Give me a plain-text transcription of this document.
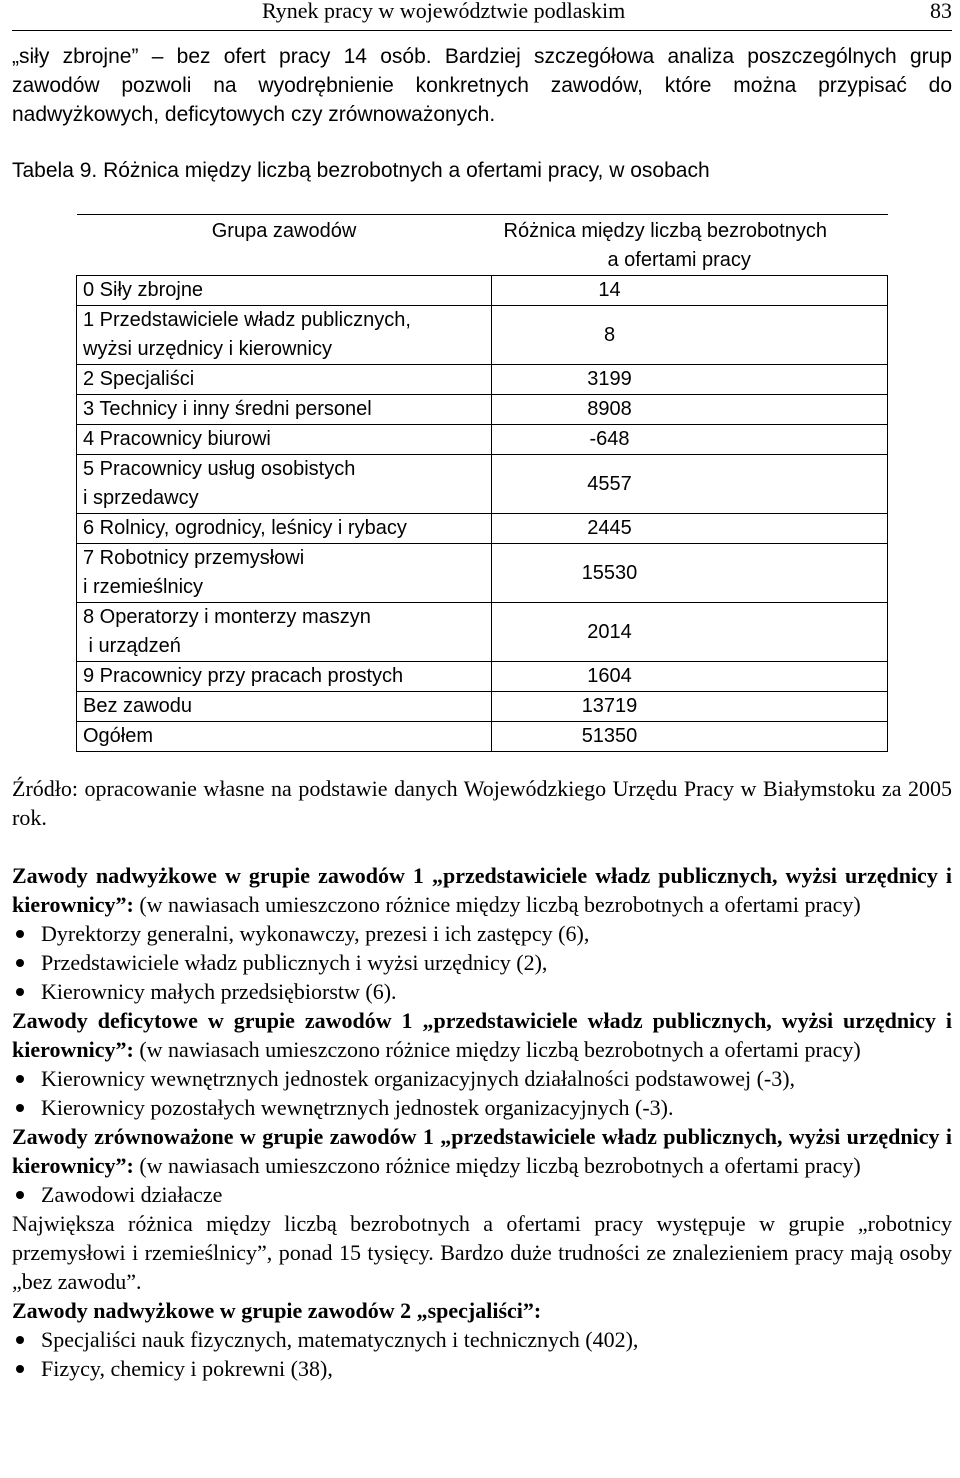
Rynek pracy w województwie podlaskim	83
„siły zbrojne” – bez ofert pracy 14 osób. Bardziej szczegółowa analiza poszczególnych grup zawodów pozwoli na wyodrębnienie konkretnych zawodów, które można przypisać do nadwyżkowych, deficytowych czy zrównoważonych.
Tabela 9. Różnica między liczbą bezrobotnych a ofertami pracy, w osobach
Grupa zawodów	Różnica między liczbą bezrobotnych
a ofertami pracy

0 Siły zbrojne	14

1 Przedstawiciele władz publicznych,
wyżsi urzędnicy i kierownicy	8
2 Specjaliści	3199
3 Technicy i inny średni personel	8908
4 Pracownicy biurowi	-648

5 Pracownicy usług osobistych
i sprzedawcy	4557
6 Rolnicy, ogrodnicy, leśnicy i rybacy	2445

7 Robotnicy przemysłowi
i rzemieślnicy	15530

8 Operatorzy i monterzy maszyn
i urządzeń	2014
9 Pracownicy przy pracach prostych	1604
Bez zawodu	13719
Ogółem	51350
Źródło: opracowanie własne na podstawie danych Wojewódzkiego Urzędu Pracy w Białymstoku za 2005 rok.

Zawody nadwyżkowe w grupie zawodów 1 „przedstawiciele władz publicznych, wyżsi urzędnicy i kierownicy”: (w nawiasach umieszczono różnice między liczbą bezrobotnych a ofertami pracy)

Dyrektorzy generalni, wykonawczy, prezesi i ich zastępcy (6),
Przedstawiciele władz publicznych i wyżsi urzędnicy (2),
Kierownicy małych przedsiębiorstw (6).

Zawody deficytowe w grupie zawodów 1 „przedstawiciele władz publicznych, wyżsi urzędnicy i kierownicy”: (w nawiasach umieszczono różnice między liczbą bezrobotnych a ofertami pracy)

Kierownicy wewnętrznych jednostek organizacyjnych działalności podstawowej (-3),
Kierownicy pozostałych wewnętrznych jednostek organizacyjnych (-3).

Zawody zrównoważone w grupie zawodów 1 „przedstawiciele władz publicznych, wyżsi urzędnicy i kierownicy”: (w nawiasach umieszczono różnice między liczbą bezrobotnych a ofertami pracy)

Zawodowi działacze

Największa różnica między liczbą bezrobotnych a ofertami pracy występuje w grupie „robotnicy przemysłowi i rzemieślnicy”, ponad 15 tysięcy. Bardzo duże trudności ze znalezieniem pracy mają osoby „bez zawodu”.

Zawody nadwyżkowe w grupie zawodów 2 „specjaliści”:

Specjaliści nauk fizycznych, matematycznych i technicznych (402),
Fizycy, chemicy i pokrewni (38),
